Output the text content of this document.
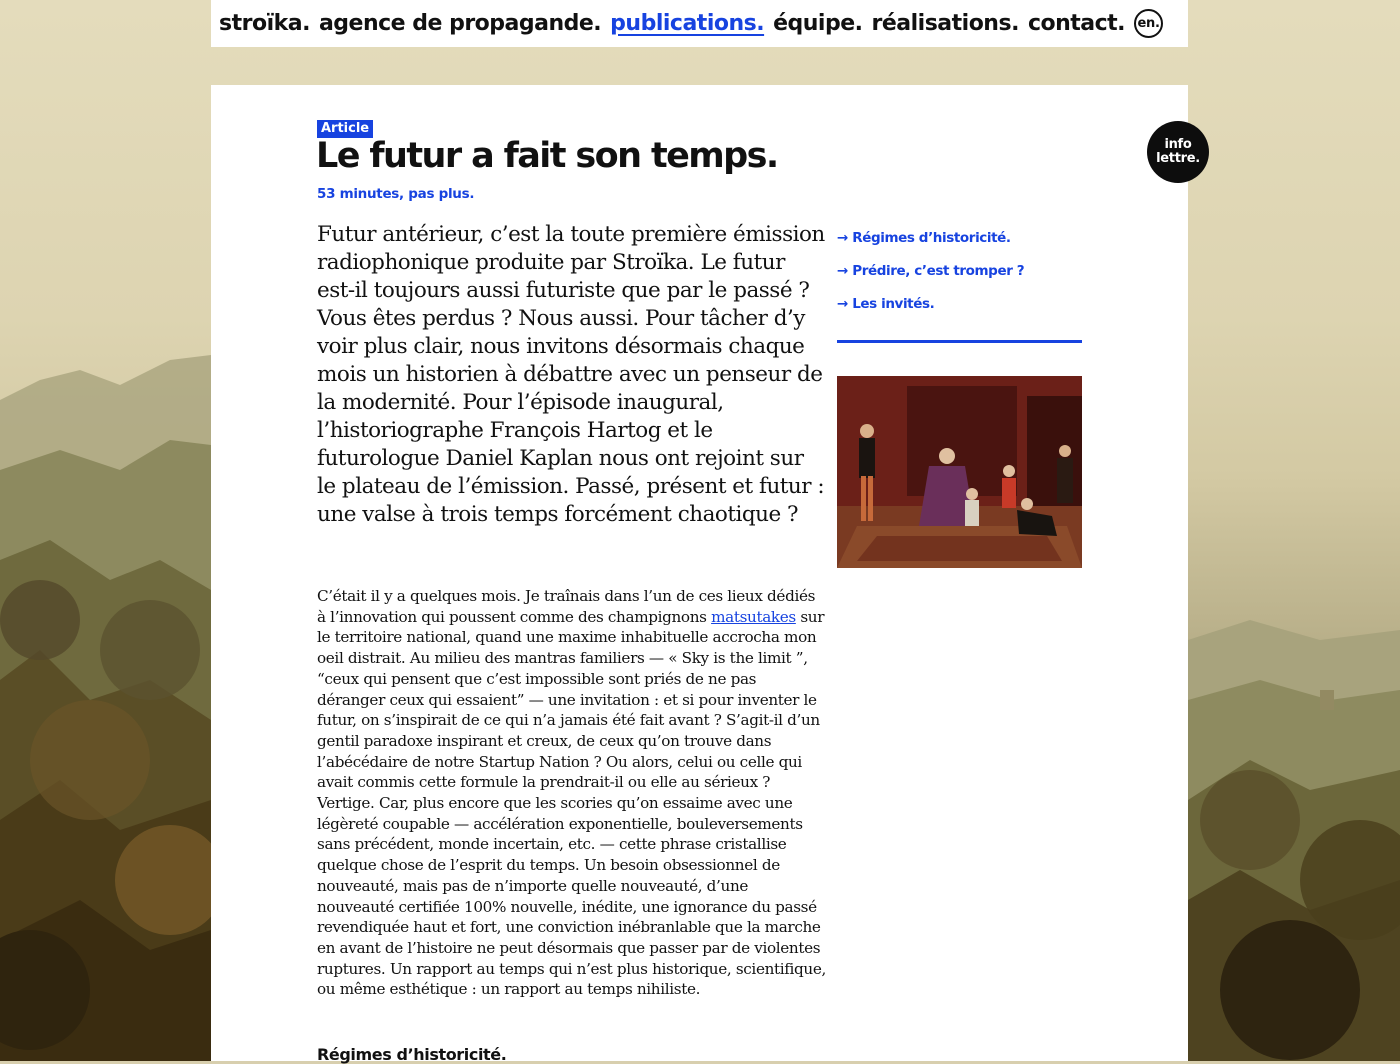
stroïka. agence de propagande. publications. équipe. réalisations. contact. en.
Article
Le futur a fait son temps.
53 minutes, pas plus.

Futur antérieur, c’est la toute première émission radiophonique produite par Stroïka. Le futur est-il toujours aussi futuriste que par le passé ? Vous êtes perdus ? Nous aussi. Pour tâcher d’y voir plus clair, nous invitons désormais chaque mois un historien à débattre avec un penseur de la modernité. Pour l’épisode inaugural, l’historiographe François Hartog et le futurologue Daniel Kaplan nous ont rejoint sur le plateau de l’émission. Passé, présent et futur : une valse à trois temps forcément chaotique ?

C’était il y a quelques mois. Je traînais dans l’un de ces lieux dédiés à l’innovation qui poussent comme des champignons matsutakes sur le territoire national, quand une maxime inhabituelle accrocha mon oeil distrait. Au milieu des mantras familiers — « Sky is the limit ”, “ceux qui pensent que c’est impossible sont priés de ne pas déranger ceux qui essaient” — une invitation : et si pour inventer le futur, on s’inspirait de ce qui n’a jamais été fait avant ? S’agit-il d’un gentil paradoxe inspirant et creux, de ceux qu’on trouve dans l’abécédaire de notre Startup Nation ? Ou alors, celui ou celle qui avait commis cette formule la prendrait-il ou elle au sérieux ? Vertige. Car, plus encore que les scories qu’on essaime avec une légèreté coupable — accélération exponentielle, bouleversements sans précédent, monde incertain, etc. — cette phrase cristallise quelque chose de l’esprit du temps. Un besoin obsessionnel de nouveauté, mais pas de n’importe quelle nouveauté, d’une nouveauté certifiée 100% nouvelle, inédite, une ignorance du passé revendiquée haut et fort, une conviction inébranlable que la marche en avant de l’histoire ne peut désormais que passer par de violentes ruptures. Un rapport au temps qui n’est plus historique, scientifique, ou même esthétique : un rapport au temps nihiliste.

Régimes d’historicité.
→ Régimes d’historicité.
→ Prédire, c’est tromper ?
→ Les invités.
info
lettre.
